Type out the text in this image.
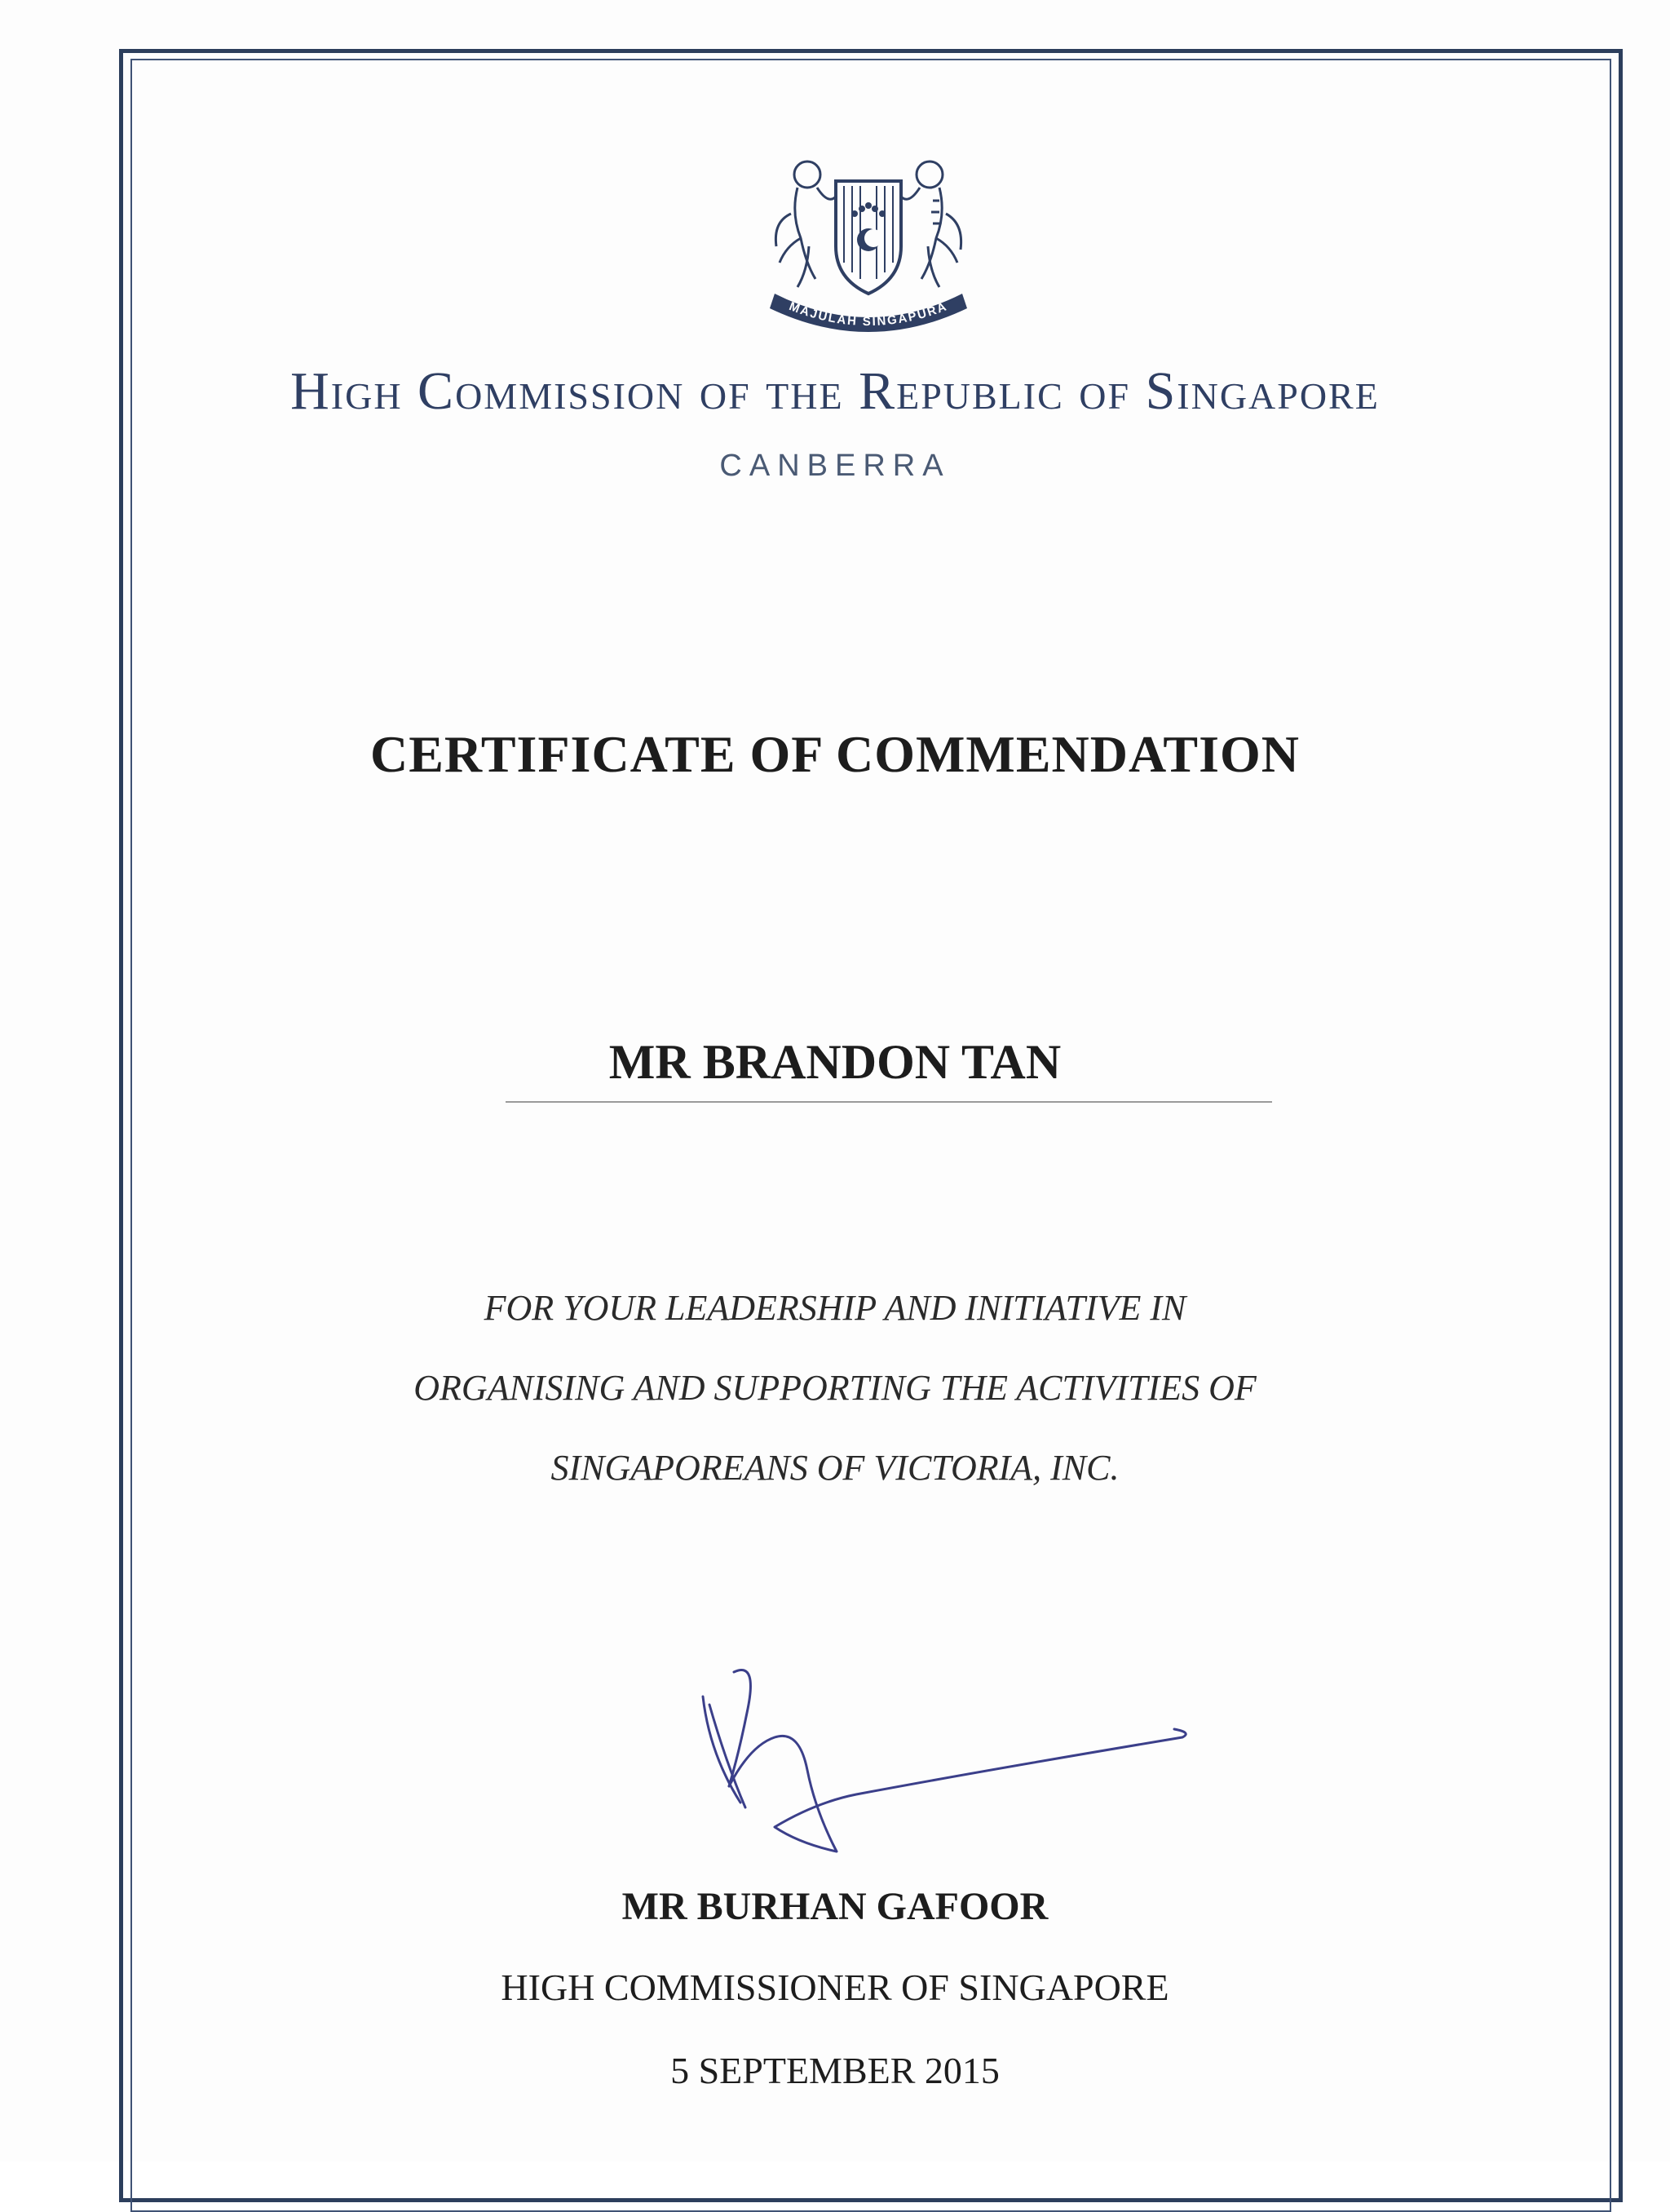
MAJULAH SINGAPURA
High Commission of the Republic of Singapore
CANBERRA
CERTIFICATE OF COMMENDATION
MR BRANDON TAN
FOR YOUR LEADERSHIP AND INITIATIVE IN
ORGANISING AND SUPPORTING THE ACTIVITIES OF
SINGAPOREANS OF VICTORIA, INC.
MR BURHAN GAFOOR
HIGH COMMISSIONER OF SINGAPORE
5 SEPTEMBER 2015
